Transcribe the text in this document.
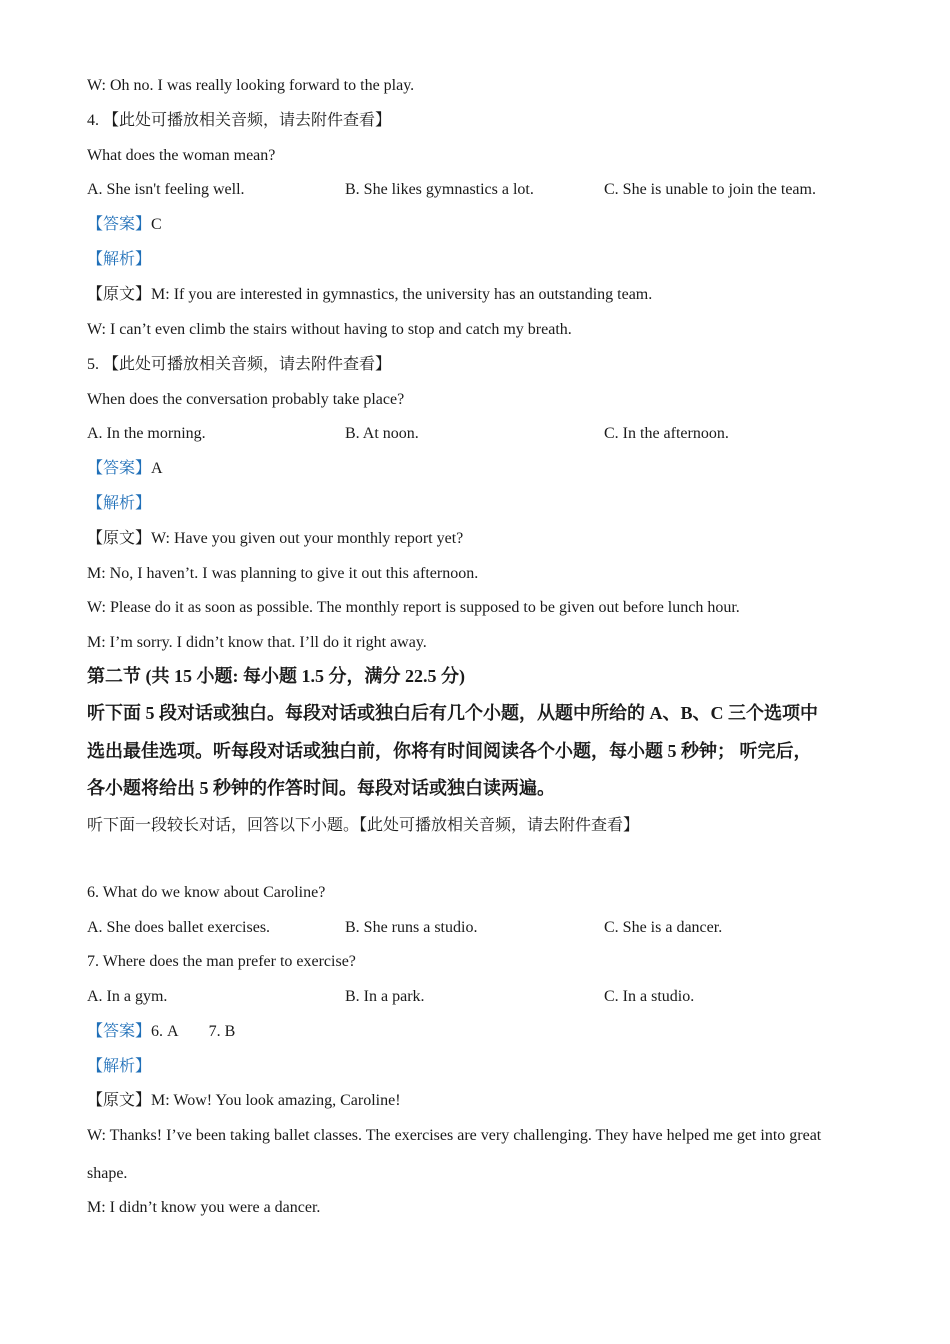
W: Oh no. I was really looking forward to the play.
4. 【此处可播放相关音频，请去附件查看】
What does the woman mean?
A. She isn't feeling well.	B. She likes gymnastics a lot.	C. She is unable to join the team.
【答案】C
【解析】
【原文】M: If you are interested in gymnastics, the university has an outstanding team.
W: I can’t even climb the stairs without having to stop and catch my breath.
5. 【此处可播放相关音频，请去附件查看】
When does the conversation probably take place?
A. In the morning.	B. At noon.	C. In the afternoon.
【答案】A
【解析】
【原文】W: Have you given out your monthly report yet?
M: No, I haven’t. I was planning to give it out this afternoon.
W: Please do it as soon as possible. The monthly report is supposed to be given out before lunch hour.
M: I’m sorry. I didn’t know that. I’ll do it right away.
第二节 (共 15 小题: 每小题 1.5 分，满分 22.5 分)
听下面 5 段对话或独白。每段对话或独白后有几个小题，从题中所给的 A、B、C 三个选项中
选出最佳选项。听每段对话或独白前，你将有时间阅读各个小题，每小题 5 秒钟； 听完后，
各小题将给出 5 秒钟的作答时间。每段对话或独白读两遍。
听下面一段较长对话，回答以下小题。【此处可播放相关音频，请去附件查看】
6. What do we know about Caroline?
A. She does ballet exercises.	B. She runs a studio.	C. She is a dancer.
7. Where does the man prefer to exercise?
A. In a gym.	B. In a park.	C. In a studio.
【答案】6. A 7. B
【解析】
【原文】M: Wow! You look amazing, Caroline!
W: Thanks! I’ve been taking ballet classes. The exercises are very challenging. They have helped me get into great
shape.
M: I didn’t know you were a dancer.
